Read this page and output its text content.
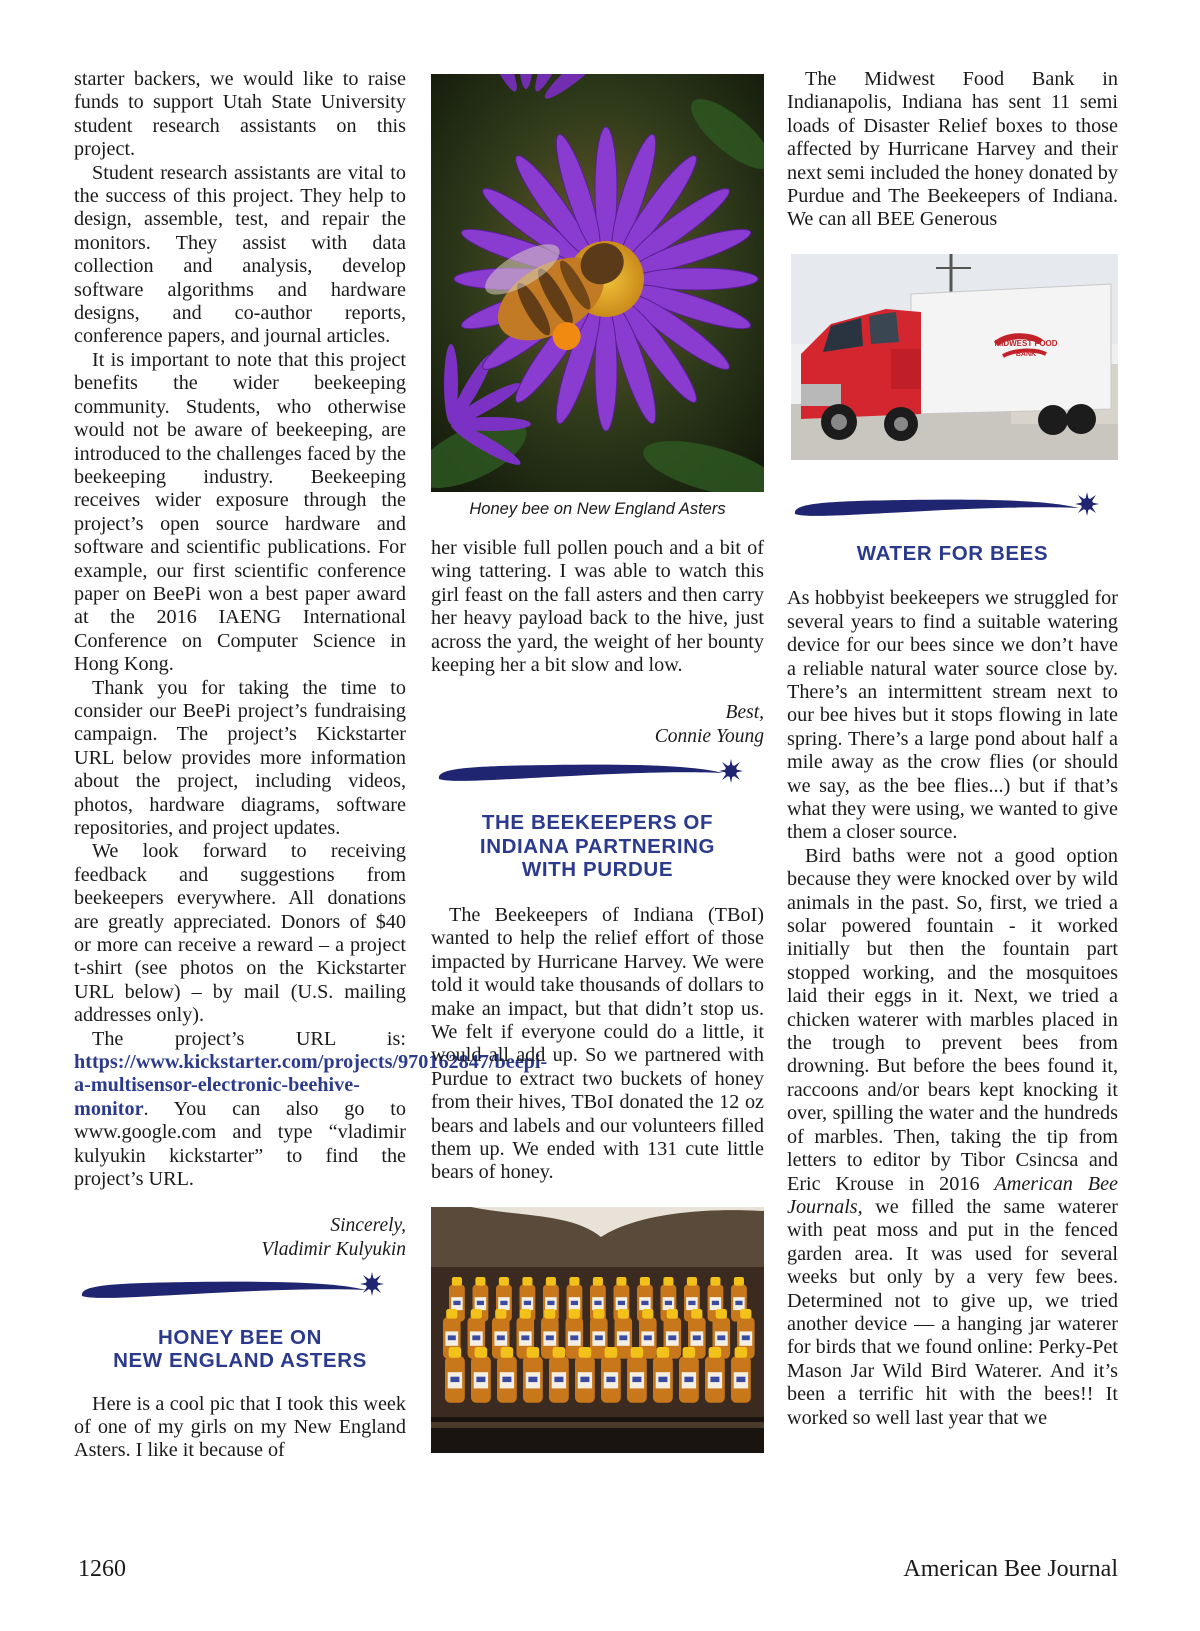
starter backers, we would like to raise funds to support Utah State University student research assistants on this project.

Student research assistants are vital to the success of this project. They help to design, assemble, test, and repair the monitors. They assist with data collection and analysis, develop software algorithms and hardware designs, and co-author reports, conference papers, and journal articles.

It is important to note that this project benefits the wider beekeeping community. Students, who otherwise would not be aware of beekeeping, are introduced to the challenges faced by the beekeeping industry. Beekeeping receives wider exposure through the project’s open source hardware and software and scientific publications. For example, our first scientific conference paper on BeePi won a best paper award at the 2016 IAENG International Conference on Computer Science in Hong Kong.

Thank you for taking the time to consider our BeePi project’s fundraising campaign. The project’s Kickstarter URL below provides more information about the project, including videos, photos, hardware diagrams, software repositories, and project updates.

We look forward to receiving feedback and suggestions from beekeepers everywhere. All donations are greatly appreciated. Donors of $40 or more can receive a reward – a project t-shirt (see photos on the Kickstarter URL below) – by mail (U.S. mailing addresses only).

The project’s URL is: https://www.kickstarter.com/projects/970162847/beepi-a-multisensor-electronic-beehive-monitor. You can also go to www.google.com and type “vladimir kulyukin kickstarter” to find the project’s URL.

Sincerely,

Vladimir Kulyukin

HONEY BEE ON

NEW ENGLAND ASTERS

Here is a cool pic that I took this week of one of my girls on my New England Asters. I like it because of

Honey bee on New England Asters

her visible full pollen pouch and a bit of wing tattering. I was able to watch this girl feast on the fall asters and then carry her heavy payload back to the hive, just across the yard, the weight of her bounty keeping her a bit slow and low.

Best,

Connie Young

THE BEEKEEPERS OF

INDIANA PARTNERING

WITH PURDUE

The Beekeepers of Indiana (TBoI) wanted to help the relief effort of those impacted by Hurricane Harvey. We were told it would take thousands of dollars to make an impact, but that didn’t stop us. We felt if everyone could do a little, it would all add up. So we partnered with Purdue to extract two buckets of honey from their hives, TBoI donated the 12 oz bears and labels and our volunteers filled them up. We ended with 131 cute little bears of honey.

The Midwest Food Bank in Indianapolis, Indiana has sent 11 semi loads of Disaster Relief boxes to those affected by Hurricane Harvey and their next semi included the honey donated by Purdue and The Beekeepers of Indiana. We can all BEE Generous

MIDWEST FOOD
BANK

WATER FOR BEES

As hobbyist beekeepers we struggled for several years to find a suitable watering device for our bees since we don’t have a reliable natural water source close by. There’s an intermittent stream next to our bee hives but it stops flowing in late spring. There’s a large pond about half a mile away as the crow flies (or should we say, as the bee flies...) but if that’s what they were using, we wanted to give them a closer source.

Bird baths were not a good option because they were knocked over by wild animals in the past. So, first, we tried a solar powered fountain - it worked initially but then the fountain part stopped working, and the mosquitoes laid their eggs in it. Next, we tried a chicken waterer with marbles placed in the trough to prevent bees from drowning. But before the bees found it, raccoons and/or bears kept knocking it over, spilling the water and the hundreds of marbles. Then, taking the tip from letters to editor by Tibor Csincsa and Eric Krouse in 2016 American Bee Journals, we filled the same waterer with peat moss and put in the fenced garden area. It was used for several weeks but only by a very few bees. Determined not to give up, we tried another device — a hanging jar waterer for birds that we found online: Perky-Pet Mason Jar Wild Bird Waterer. And it’s been a terrific hit with the bees!! It worked so well last year that we

1260	American Bee Journal
